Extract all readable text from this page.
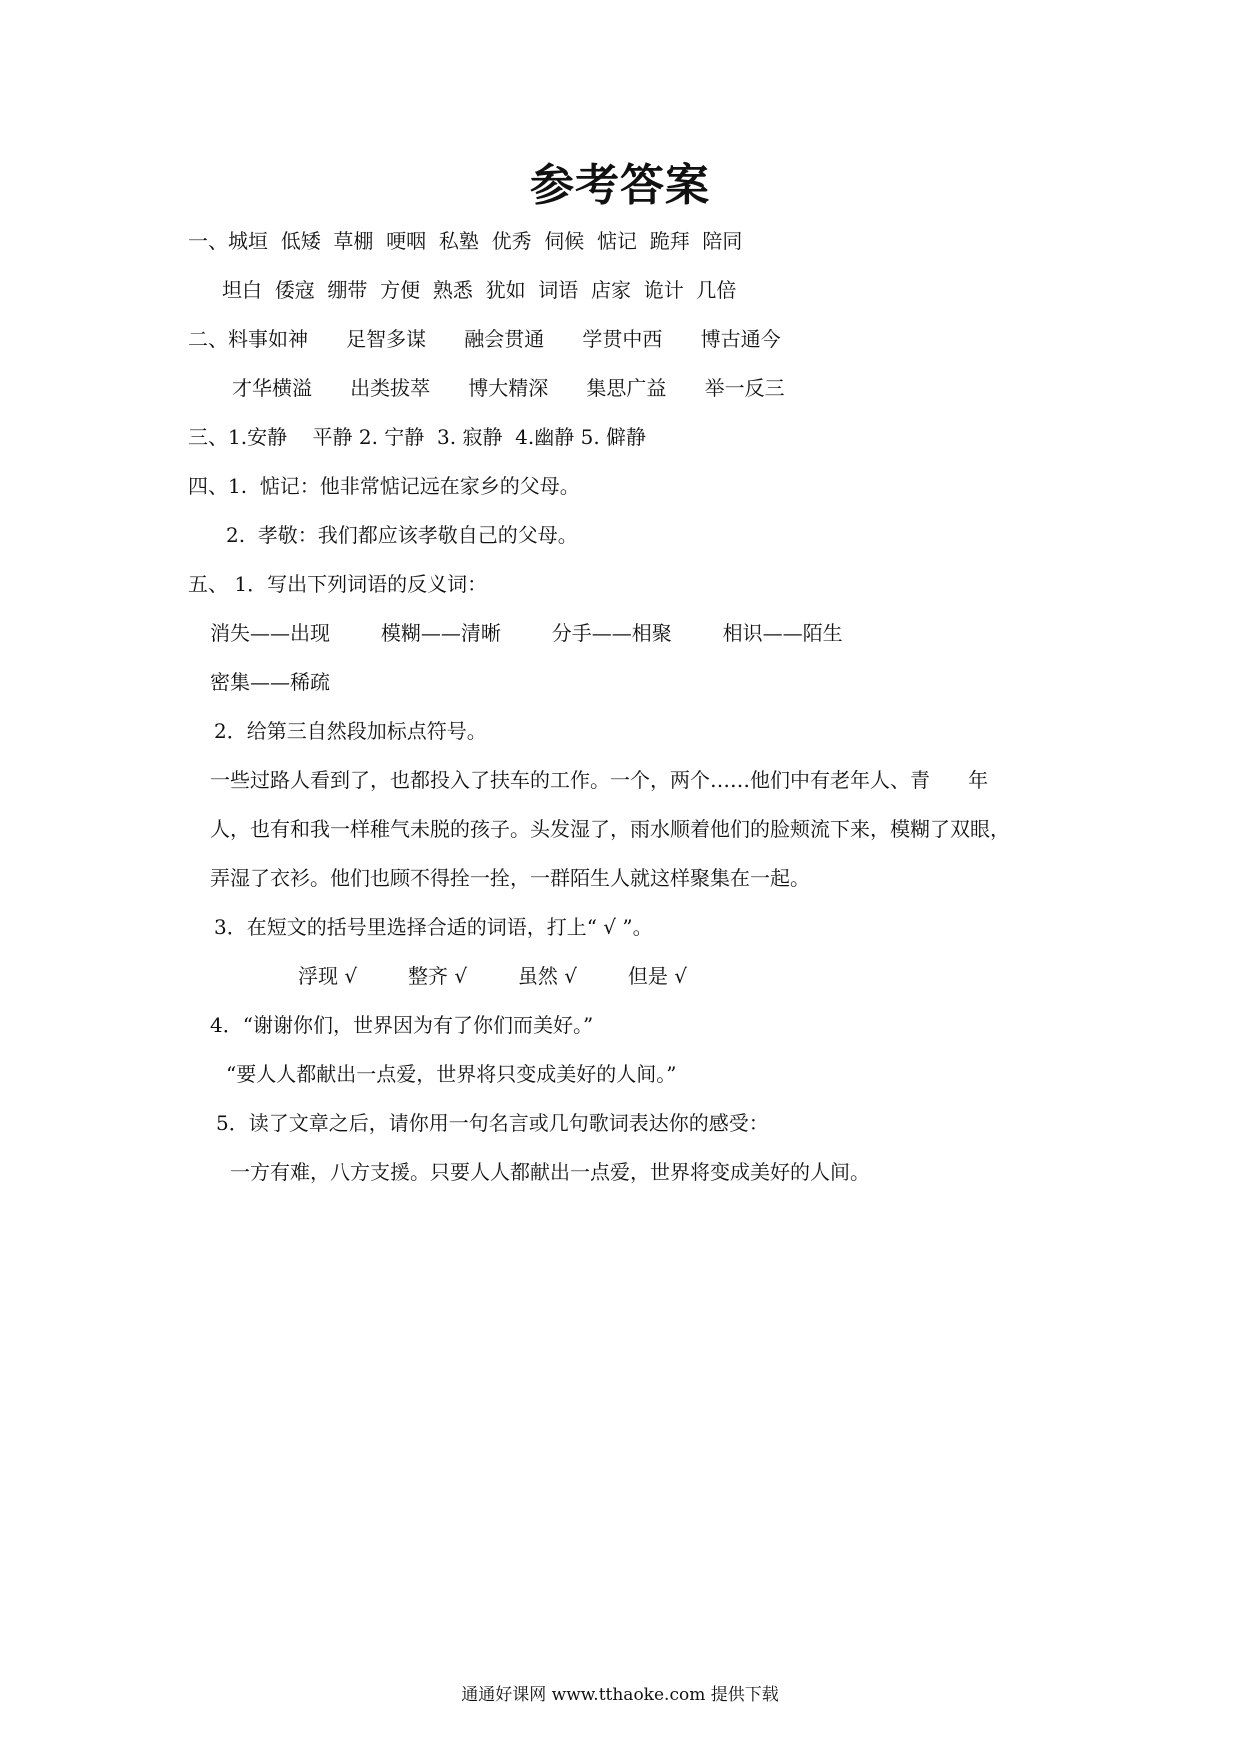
参考答案
一、城垣  低矮  草棚  哽咽  私塾  优秀  伺候  惦记  跪拜  陪同
坦白  倭寇  绷带  方便  熟悉  犹如  词语  店家  诡计  几倍
二、料事如神      足智多谋      融会贯通      学贯中西      博古通今
才华横溢      出类拔萃      博大精深      集思广益      举一反三
三、1.安静    平静 2. 宁静  3. 寂静  4.幽静 5. 僻静
四、1.  惦记：他非常惦记远在家乡的父母。
2.  孝敬：我们都应该孝敬自己的父母。
五、 1．写出下列词语的反义词：
消失——出现        模糊——清晰        分手——相聚        相识——陌生
密集——稀疏
2．给第三自然段加标点符号。
一些过路人看到了，也都投入了扶车的工作。一个，两个……他们中有老年人、青      年
人，也有和我一样稚气未脱的孩子。头发湿了，雨水顺着他们的脸颊流下来，模糊了双眼，
弄湿了衣衫。他们也顾不得拴一拴，一群陌生人就这样聚集在一起。
3．在短文的括号里选择合适的词语，打上“ √ ”。
浮现 √        整齐 √        虽然 √        但是 √
4．“谢谢你们，世界因为有了你们而美好。”
“要人人都献出一点爱，世界将只变成美好的人间。”
5．读了文章之后，请你用一句名言或几句歌词表达你的感受：
一方有难，八方支援。只要人人都献出一点爱，世界将变成美好的人间。
通通好课网 www.tthaoke.com 提供下载
